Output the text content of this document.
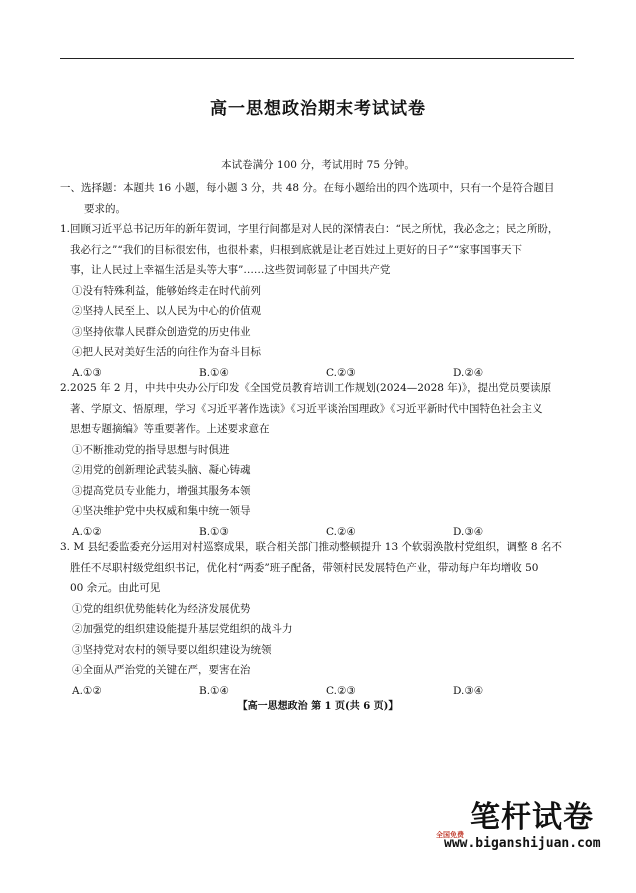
高一思想政治期末考试试卷
本试卷满分 100 分，考试用时 75 分钟。
一、选择题：本题共 16 小题，每小题 3 分，共 48 分。在每小题给出的四个选项中，只有一个是符合题目
要求的。
1.回顾习近平总书记历年的新年贺词，字里行间都是对人民的深情表白：“民之所忧，我必念之；民之所盼，
我必行之”“我们的目标很宏伟，也很朴素，归根到底就是让老百姓过上更好的日子”“家事国事天下
事，让人民过上幸福生活是头等大事”……这些贺词彰显了中国共产党
①没有特殊利益，能够始终走在时代前列
②坚持人民至上、以人民为中心的价值观
③坚持依靠人民群众创造党的历史伟业
④把人民对美好生活的向往作为奋斗目标
A.①③	B.①④	C.②③	D.②④
2.2025 年 2 月，中共中央办公厅印发《全国党员教育培训工作规划(2024—2028 年)》，提出党员要读原
著、学原文、悟原理，学习《习近平著作选读》《习近平谈治国理政》《习近平新时代中国特色社会主义
思想专题摘编》等重要著作。上述要求意在
①不断推动党的指导思想与时俱进
②用党的创新理论武装头脑、凝心铸魂
③提高党员专业能力，增强其服务本领
④坚决维护党中央权威和集中统一领导
A.①②	B.①③	C.②④	D.③④
3. M 县纪委监委充分运用对村巡察成果，联合相关部门推动整顿提升 13 个软弱涣散村党组织，调整 8 名不
胜任不尽职村级党组织书记，优化村“两委”班子配备，带领村民发展特色产业，带动每户年均增收 50
00 余元。由此可见
①党的组织优势能转化为经济发展优势
②加强党的组织建设能提升基层党组织的战斗力
③坚持党对农村的领导要以组织建设为统领
④全面从严治党的关键在严，要害在治
A.①②	B.①④	C.②③	D.③④
【高一思想政治 第 1 页(共 6 页)】
笔杆试卷
全国免费
www.biganshijuan.com
